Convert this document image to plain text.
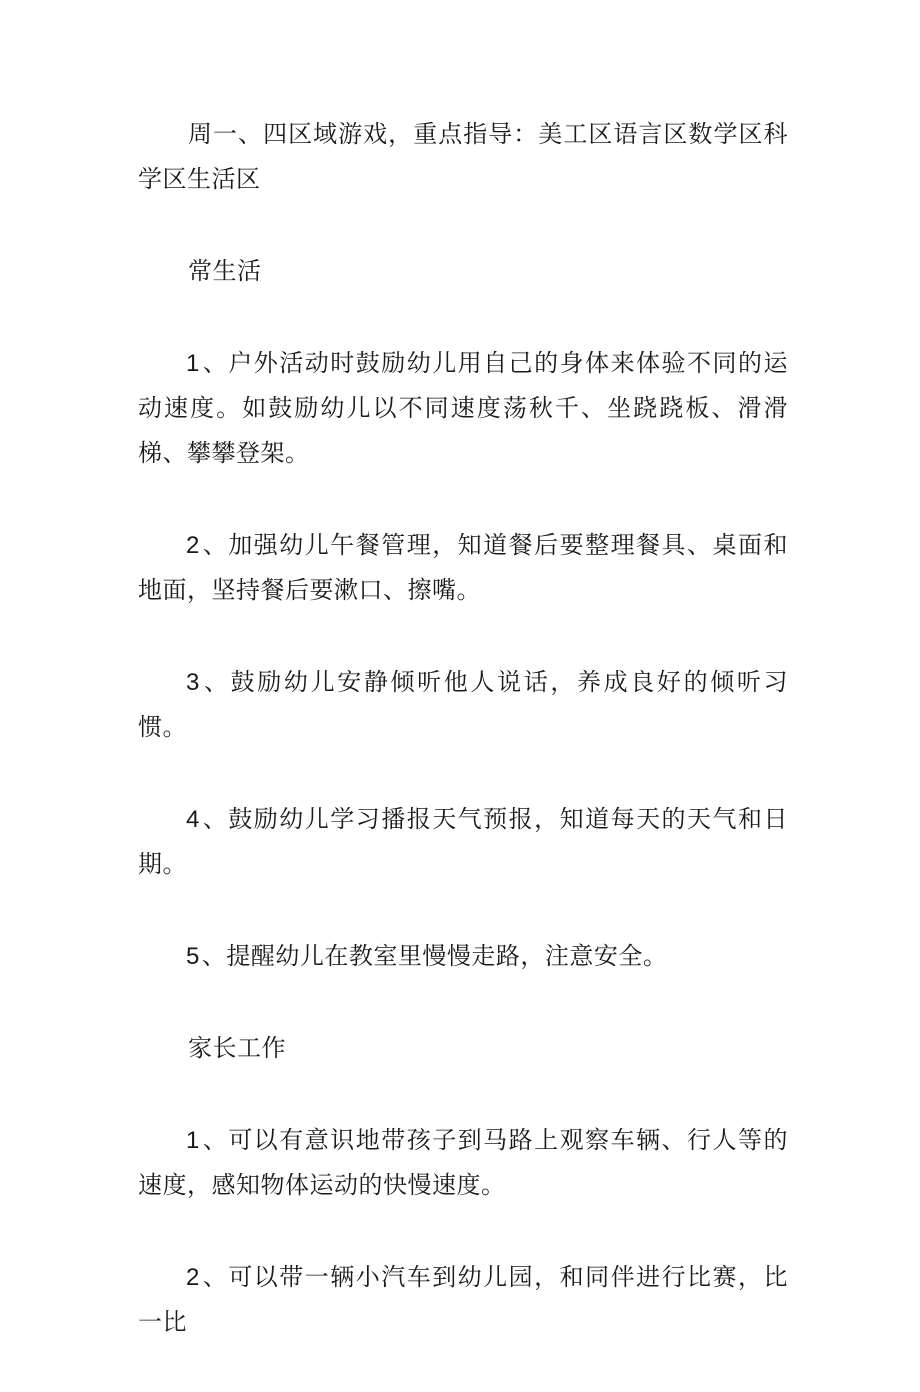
周一、四区域游戏，重点指导：美工区语言区数学区科学区生活区

常生活

1、户外活动时鼓励幼儿用自己的身体来体验不同的运动速度。如鼓励幼儿以不同速度荡秋千、坐跷跷板、滑滑梯、攀攀登架。

2、加强幼儿午餐管理，知道餐后要整理餐具、桌面和地面，坚持餐后要漱口、擦嘴。

3、鼓励幼儿安静倾听他人说话，养成良好的倾听习惯。

4、鼓励幼儿学习播报天气预报，知道每天的天气和日期。

5、提醒幼儿在教室里慢慢走路，注意安全。

家长工作

1、可以有意识地带孩子到马路上观察车辆、行人等的速度，感知物体运动的快慢速度。

2、可以带一辆小汽车到幼儿园，和同伴进行比赛，比一比
